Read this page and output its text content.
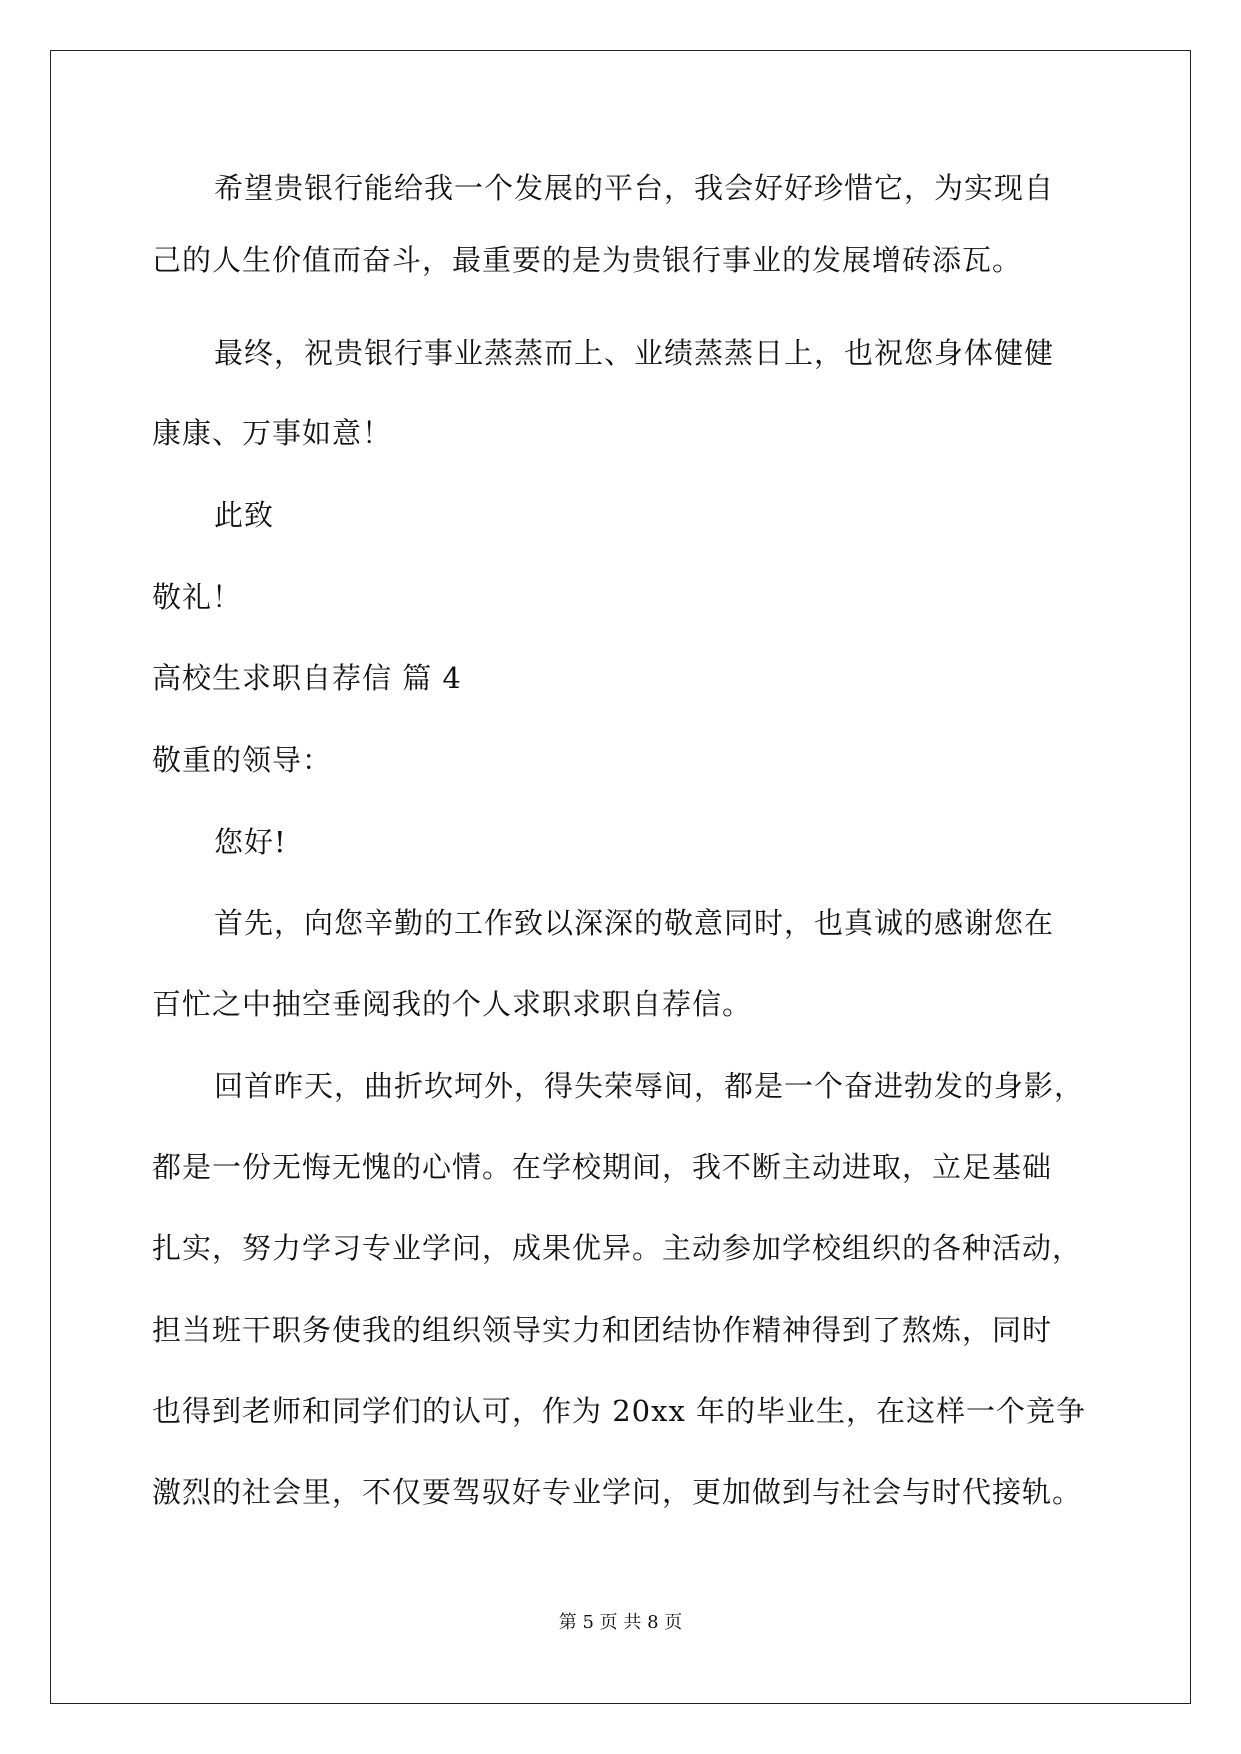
希望贵银行能给我一个发展的平台，我会好好珍惜它，为实现自

己的人生价值而奋斗，最重要的是为贵银行事业的发展增砖添瓦。

最终，祝贵银行事业蒸蒸而上、业绩蒸蒸日上，也祝您身体健健

康康、万事如意！

此致

敬礼！

高校生求职自荐信 篇 4

敬重的领导：

您好!

首先，向您辛勤的工作致以深深的敬意同时，也真诚的感谢您在

百忙之中抽空垂阅我的个人求职求职自荐信。

回首昨天，曲折坎坷外，得失荣辱间，都是一个奋进勃发的身影，

都是一份无悔无愧的心情。在学校期间，我不断主动进取，立足基础

扎实，努力学习专业学问，成果优异。主动参加学校组织的各种活动，

担当班干职务使我的组织领导实力和团结协作精神得到了熬炼，同时

也得到老师和同学们的认可，作为 20xx 年的毕业生，在这样一个竞争

激烈的社会里，不仅要驾驭好专业学问，更加做到与社会与时代接轨。

第 5 页 共 8 页
